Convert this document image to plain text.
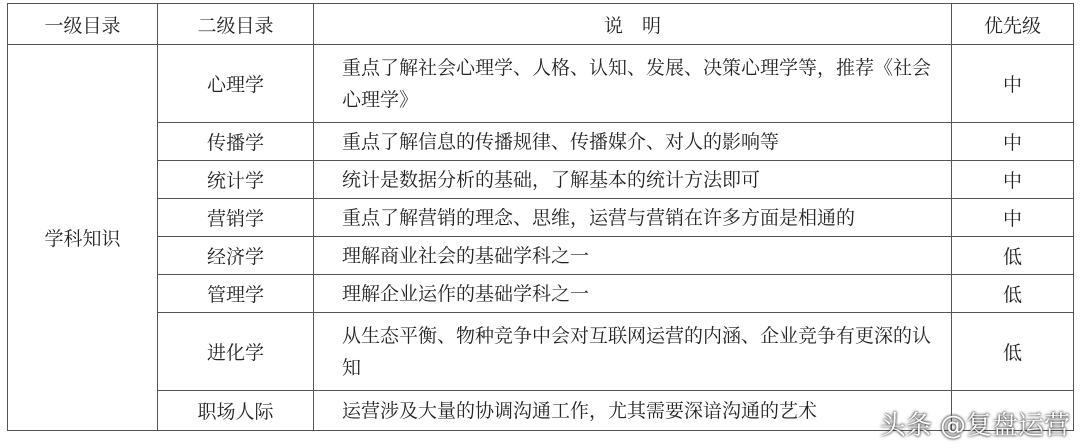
一级目录	二级目录	说　明	优先级
学科知识	心理学	重点了解社会心理学、人格、认知、发展、决策心理学等，推荐《社会心理学》	中
	传播学	重点了解信息的传播规律、传播媒介、对人的影响等	中
	统计学	统计是数据分析的基础，了解基本的统计方法即可	中
	营销学	重点了解营销的理念、思维，运营与营销在许多方面是相通的	中
	经济学	理解商业社会的基础学科之一	低
	管理学	理解企业运作的基础学科之一	低
	进化学	从生态平衡、物种竞争中会对互联网运营的内涵、企业竞争有更深的认知	低
	职场人际	运营涉及大量的协调沟通工作，尤其需要深谙沟通的艺术	
头条 @复盘运营
